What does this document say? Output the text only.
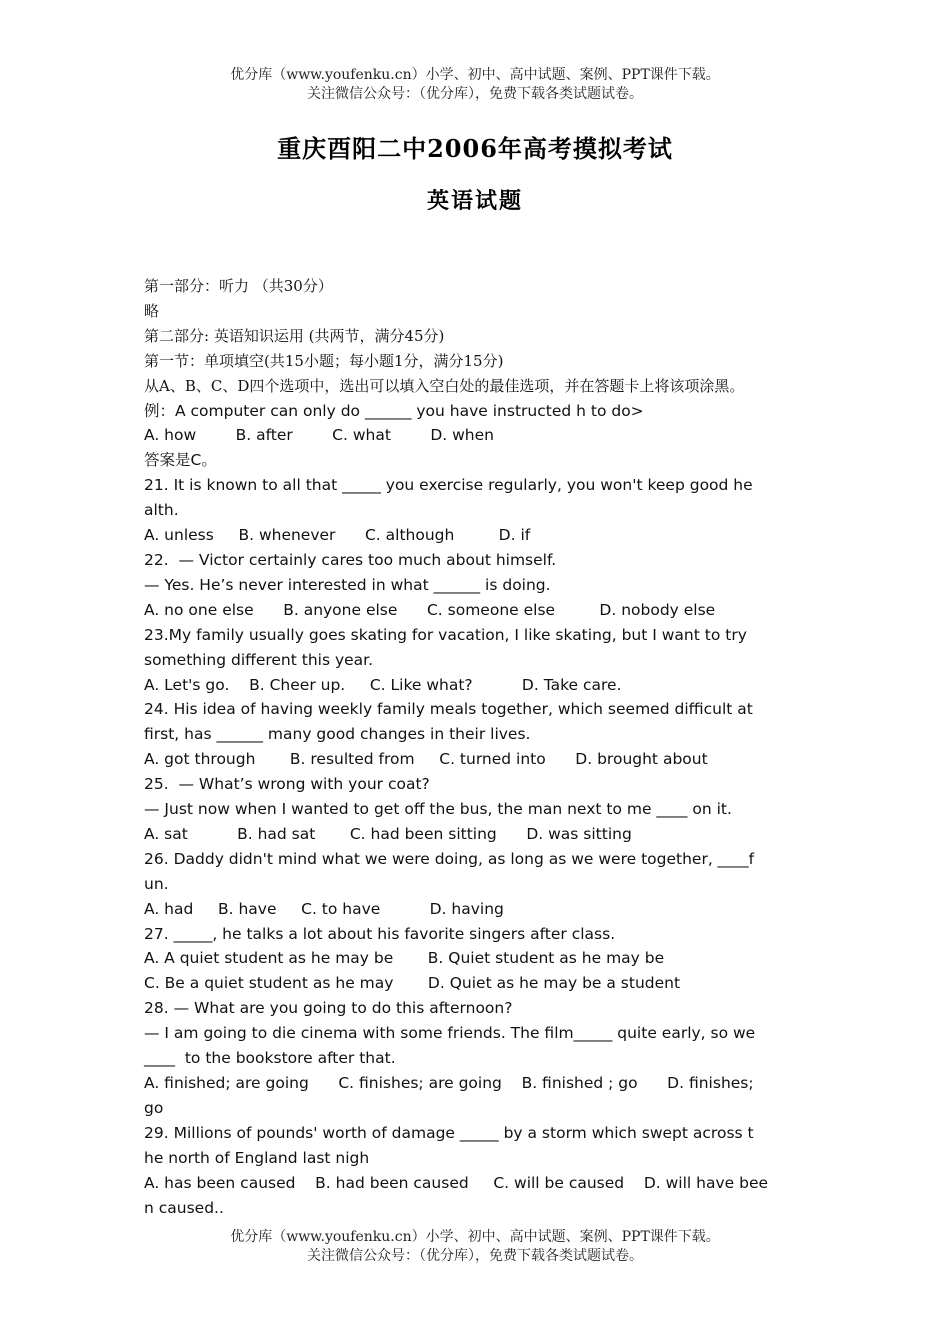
优分库（www.youfenku.cn）小学、初中、高中试题、案例、PPT课件下载。
关注微信公众号：（优分库），免费下载各类试题试卷。
重庆酉阳二中2006年高考摸拟考试
英语试题
第一部分：听力 （共30分）
略
第二部分: 英语知识运用 (共两节，满分45分)
第一节：单项填空(共15小题；每小题1分，满分15分)
从A、B、C、D四个选项中，选出可以填入空白处的最佳选项，并在答题卡上将该项涂黑。
例：A computer can only do ______ you have instructed h to do>
A. how        B. after        C. what        D. when
答案是C。
21. It is known to all that _____ you exercise regularly, you won't keep good he
alth.
A. unless     B. whenever      C. although         D. if
22.  — Victor certainly cares too much about himself.
— Yes. He’s never interested in what ______ is doing.
A. no one else      B. anyone else      C. someone else         D. nobody else
23.My family usually goes skating for vacation, I like skating, but I want to try
something different this year.
A. Let's go.    B. Cheer up.     C. Like what?          D. Take care.
24. His idea of having weekly family meals together, which seemed difficult at
first, has ______ many good changes in their lives.
A. got through       B. resulted from     C. turned into      D. brought about
25.  — What’s wrong with your coat?
— Just now when I wanted to get off the bus, the man next to me ____ on it.
A. sat          B. had sat       C. had been sitting      D. was sitting
26. Daddy didn't mind what we were doing, as long as we were together, ____f
un.
A. had     B. have     C. to have          D. having
27. _____, he talks a lot about his favorite singers after class.
A. A quiet student as he may be       B. Quiet student as he may be
C. Be a quiet student as he may       D. Quiet as he may be a student
28. — What are you going to do this afternoon?
— I am going to die cinema with some friends. The film_____ quite early, so we
____  to the bookstore after that.
A. finished; are going      C. finishes; are going    B. finished ; go      D. finishes;
go
29. Millions of pounds' worth of damage _____ by a storm which swept across t
he north of England last nigh
A. has been caused    B. had been caused     C. will be caused    D. will have bee
n caused..
优分库（www.youfenku.cn）小学、初中、高中试题、案例、PPT课件下载。
关注微信公众号：（优分库），免费下载各类试题试卷。
